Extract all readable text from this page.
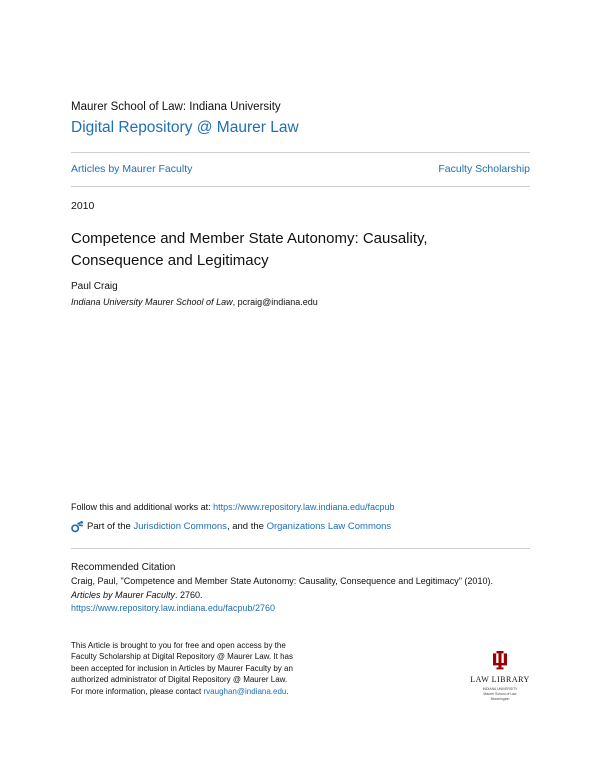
Maurer School of Law: Indiana University
Digital Repository @ Maurer Law
Articles by Maurer Faculty	Faculty Scholarship
2010
Competence and Member State Autonomy: Causality, Consequence and Legitimacy
Paul Craig
Indiana University Maurer School of Law, pcraig@indiana.edu
Follow this and additional works at: https://www.repository.law.indiana.edu/facpub
Part of the Jurisdiction Commons, and the Organizations Law Commons
Recommended Citation
Craig, Paul, "Competence and Member State Autonomy: Causality, Consequence and Legitimacy" (2010).
Articles by Maurer Faculty. 2760.
https://www.repository.law.indiana.edu/facpub/2760
This Article is brought to you for free and open access by the Faculty Scholarship at Digital Repository @ Maurer Law. It has been accepted for inclusion in Articles by Maurer Faculty by an authorized administrator of Digital Repository @ Maurer Law. For more information, please contact rvaughan@indiana.edu.
LAW LIBRARY
INDIANA UNIVERSITY
Maurer School of Law
Bloomington
